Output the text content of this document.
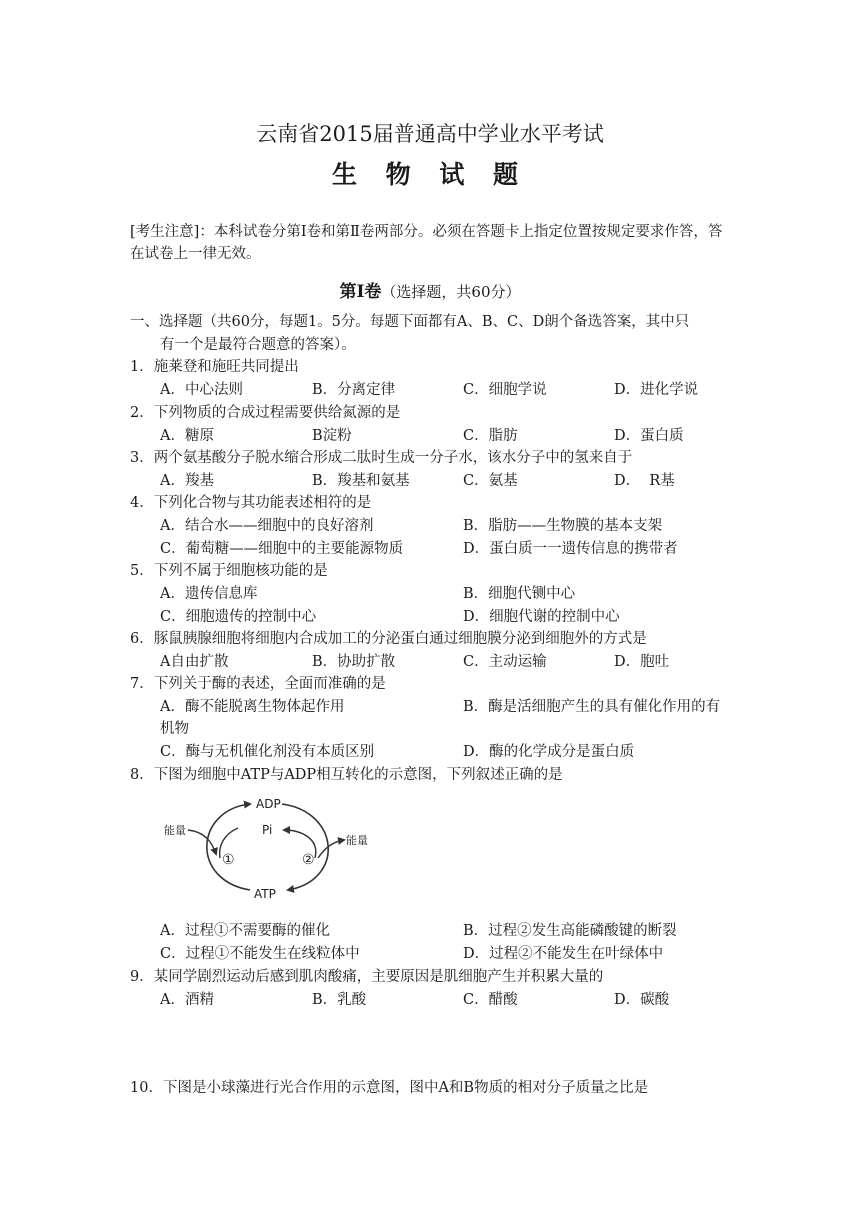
云南省2015届普通高中学业水平考试
生 物 试 题
[考生注意]：本科试卷分第Ⅰ卷和第Ⅱ卷两部分。必须在答题卡上指定位置按规定要求作答，答在试卷上一律无效。
第Ⅰ卷（选择题，共60分）
一、选择题（共60分，每题1。5分。每题下面都有A、B、C、D朗个备选答案，其中只
有一个是最符合题意的答案）。
1．施莱登和施旺共同提出
A．中心法则	B．分离定律	C．细胞学说	D．进化学说
2．下列物质的合成过程需要供给氮源的是
A．糖原	B淀粉	C．脂肪	D．蛋白质
3．两个氨基酸分子脱水缩合形成二肽时生成一分子水，该水分子中的氢来自于
A．羧基	B．羧基和氨基	C．氨基	D．  R基
4．下列化合物与其功能表述相符的是
A．结合水——细胞中的良好溶剂	B．脂肪——生物膜的基本支架
C．葡萄糖——细胞中的主要能源物质	D．蛋白质一一遗传信息的携带者
5．下列不属于细胞核功能的是
A．遗传信息库	B．细胞代铡中心
C．细胞遗传的控制中心	D．细胞代谢的控制中心
6．豚鼠胰腺细胞将细胞内合成加工的分泌蛋白通过细胞膜分泌到细胞外的方式是
A自由扩散	B．协助扩散	C．主动运输	D．胞吐
7．下列关于酶的表述，全面而准确的是
A．酶不能脱离生物体起作用	B．酶是活细胞产生的具有催化作用的有
机物
C．酶与无机催化剂没有本质区别	D．酶的化学成分是蛋白质
8．下图为细胞中ATP与ADP相互转化的示意图，下列叙述正确的是
ADP
Pi
ATP
能量
能量
①	②
A．过程①不需要酶的催化	B．过程②发生高能磷酸键的断裂
C．过程①不能发生在线粒体中	D．过程②不能发生在叶绿体中
9．某同学剧烈运动后感到肌肉酸痛，主要原因是肌细胞产生并积累大量的
A．酒精	B．乳酸	C．醋酸	D．碳酸
10．下图是小球藻进行光合作用的示意图，图中A和B物质的相对分子质量之比是
